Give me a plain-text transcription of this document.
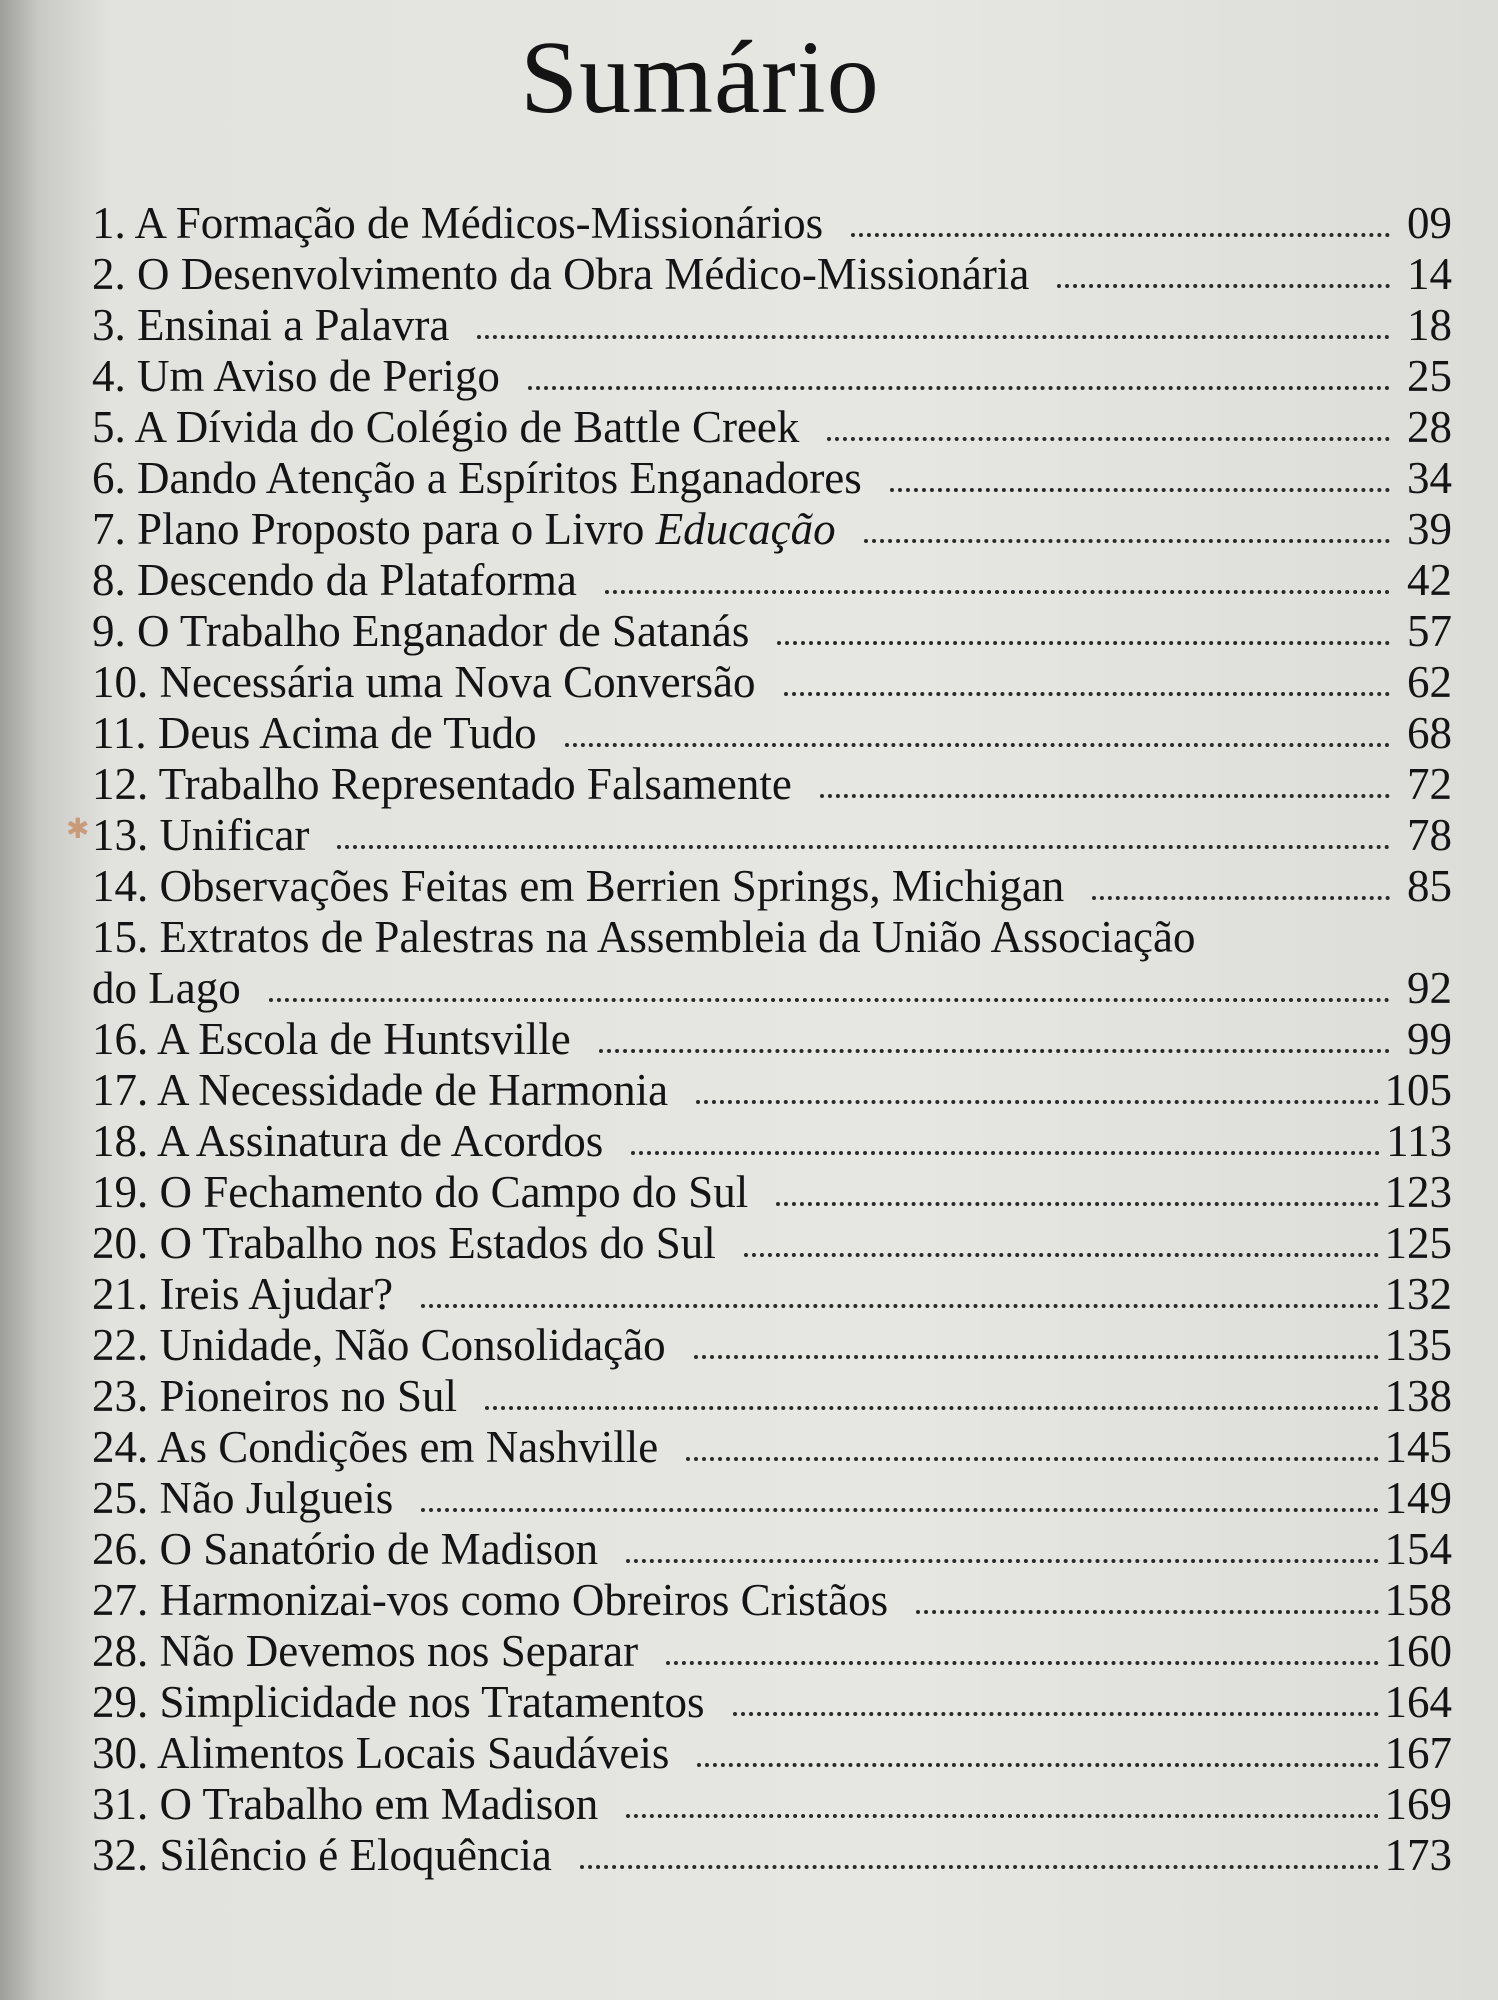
Sumário
✱
1. A Formação de Médicos-Missionários	09
2. O Desenvolvimento da Obra Médico-Missionária	14
3. Ensinai a Palavra	18
4. Um Aviso de Perigo	25
5. A Dívida do Colégio de Battle Creek	28
6. Dando Atenção a Espíritos Enganadores	34
7. Plano Proposto para o Livro Educação	39
8. Descendo da Plataforma	42
9. O Trabalho Enganador de Satanás	57
10. Necessária uma Nova Conversão	62
11. Deus Acima de Tudo	68
12. Trabalho Representado Falsamente	72
13. Unificar	78
14. Observações Feitas em Berrien Springs, Michigan	85
15. Extratos de Palestras na Assembleia da União Associação
do Lago	92
16. A Escola de Huntsville	99
17. A Necessidade de Harmonia	105
18. A Assinatura de Acordos	113
19. O Fechamento do Campo do Sul	123
20. O Trabalho nos Estados do Sul	125
21. Ireis Ajudar?	132
22. Unidade, Não Consolidação	135
23. Pioneiros no Sul	138
24. As Condições em Nashville	145
25. Não Julgueis	149
26. O Sanatório de Madison	154
27. Harmonizai-vos como Obreiros Cristãos	158
28. Não Devemos nos Separar	160
29. Simplicidade nos Tratamentos	164
30. Alimentos Locais Saudáveis	167
31. O Trabalho em Madison	169
32. Silêncio é Eloquência	173
